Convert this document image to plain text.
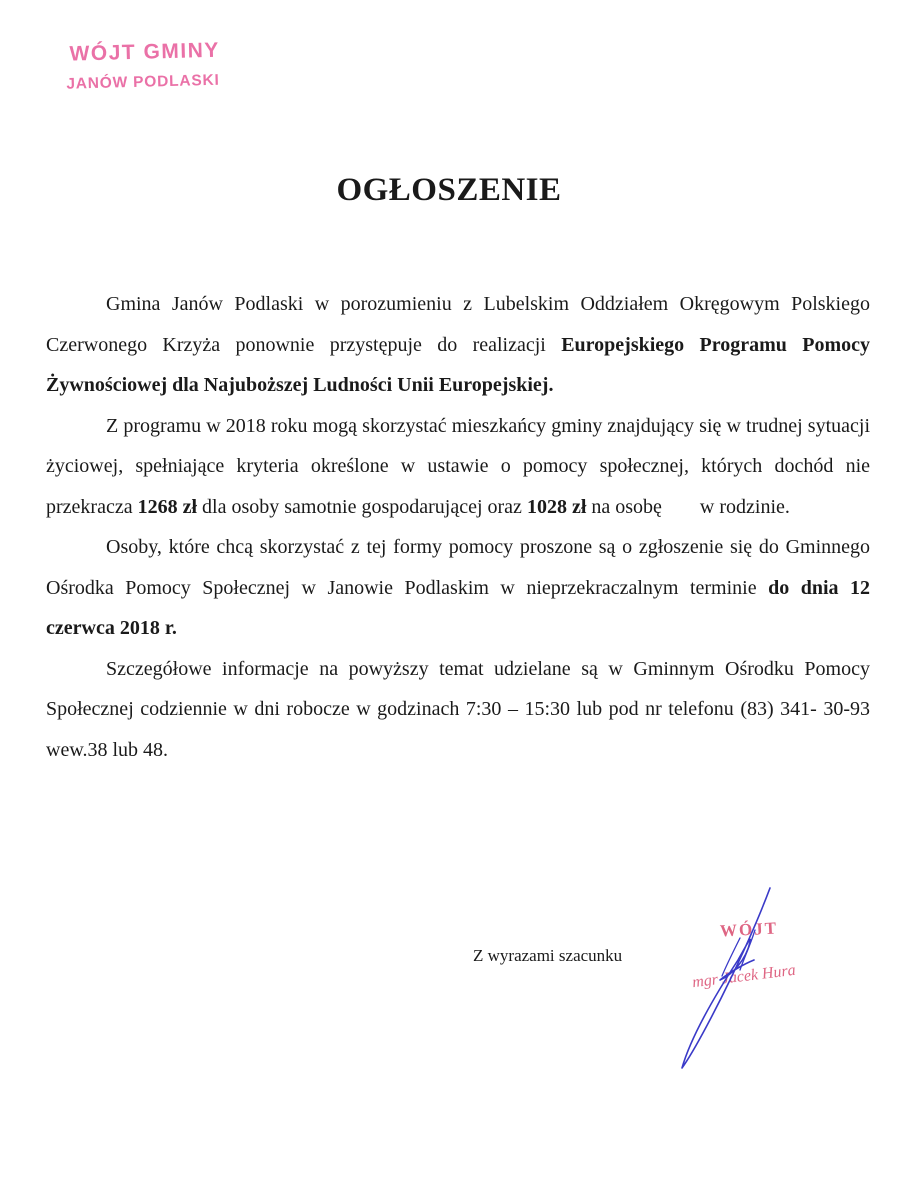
WÓJT GMINY
JANÓW PODLASKI
OGŁOSZENIE

Gmina Janów Podlaski w porozumieniu z Lubelskim Oddziałem Okręgowym Polskiego Czerwonego Krzyża ponownie przystępuje do realizacji Europejskiego Programu Pomocy Żywnościowej dla Najuboższej Ludności Unii Europejskiej.

Z programu w 2018 roku mogą skorzystać mieszkańcy gminy znajdujący się w trudnej sytuacji życiowej, spełniające kryteria określone w ustawie o pomocy społecznej, których dochód nie przekracza 1268 zł dla osoby samotnie gospodarującej oraz 1028 zł na osobę w rodzinie.

Osoby, które chcą skorzystać z tej formy pomocy proszone są o zgłoszenie się do Gminnego Ośrodka Pomocy Społecznej w Janowie Podlaskim w nieprzekraczalnym terminie do dnia 12 czerwca 2018 r.

Szczegółowe informacje na powyższy temat udzielane są w Gminnym Ośrodku Pomocy Społecznej codziennie w dni robocze w godzinach 7:30 – 15:30 lub pod nr telefonu (83) 341- 30-93 wew.38 lub 48.

Z wyrazami szacunku
WÓJT
mgr Jacek Hura
